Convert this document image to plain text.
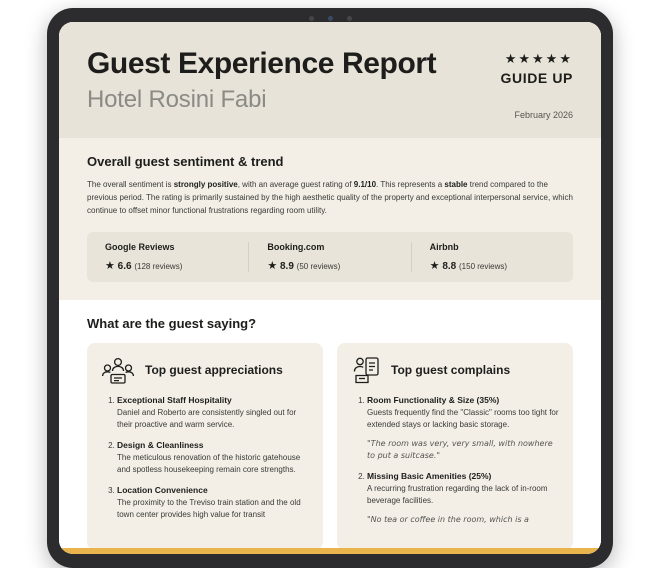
Guest Experience Report
Hotel Rosini Fabi
★★★★★
GUIDE UP
February 2026
Overall guest sentiment & trend

The overall sentiment is strongly positive, with an average guest rating of 9.1/10. This represents a stable trend compared to the previous period. The rating is primarily sustained by the high aesthetic quality of the property and exceptional interpersonal service, which continue to offset minor functional frustrations regarding room utility.

Google Reviews
★ 6.6 (128 reviews)
Booking.com
★ 8.9 (50 reviews)
Airbnb
★ 8.8 (150 reviews)
What are the guest saying?
Top guest appreciations
1. Exceptional Staff Hospitality
Daniel and Roberto are consistently singled out for their proactive and warm service.
2. Design & Cleanliness
The meticulous renovation of the historic gatehouse and spotless housekeeping remain core strengths.
3. Location Convenience
The proximity to the Treviso train station and the old town center provides high value for transit
Top guest complains
1. Room Functionality & Size (35%)
Guests frequently find the "Classic" rooms too tight for extended stays or lacking basic storage.
"The room was very, very small, with nowhere to put a suitcase."
2. Missing Basic Amenities (25%)
A recurring frustration regarding the lack of in-room beverage facilities.
"No tea or coffee in the room, which is a
